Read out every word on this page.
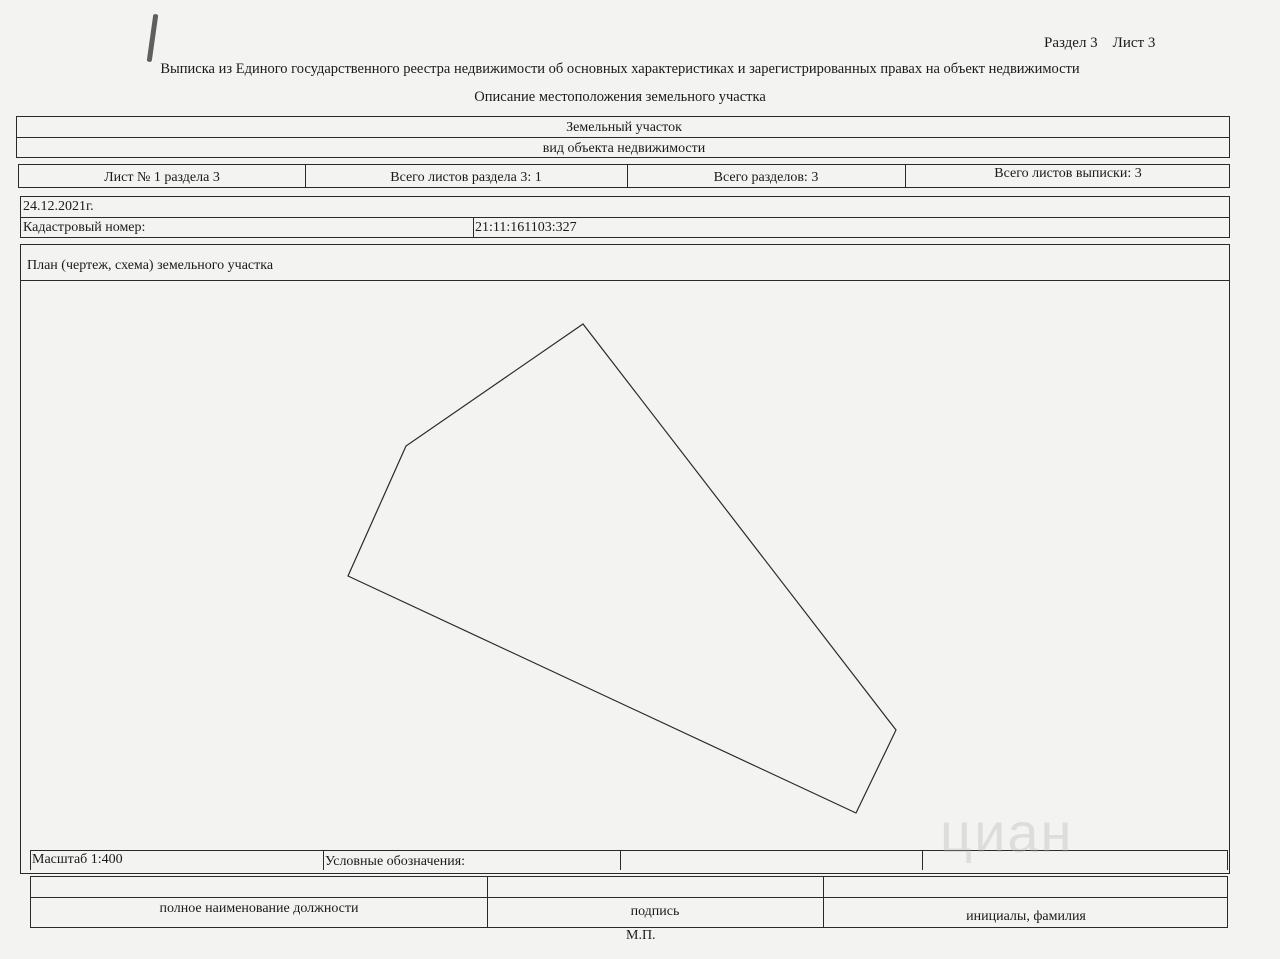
Раздел 3    Лист 3
Выписка из Единого государственного реестра недвижимости об основных характеристиках и зарегистрированных правах на объект недвижимости
Описание местоположения земельного участка
Земельный участок
вид объекта недвижимости
Лист № 1 раздела 3	Всего листов раздела 3: 1	Всего разделов: 3	Всего листов выписки: 3
24.12.2021г.
Кадастровый номер:	21:11:161103:327
План (чертеж, схема) земельного участка
Масштаб 1:400	Условные обозначения:
полное наименование должности	подпись	инициалы, фамилия
М.П.
циан
